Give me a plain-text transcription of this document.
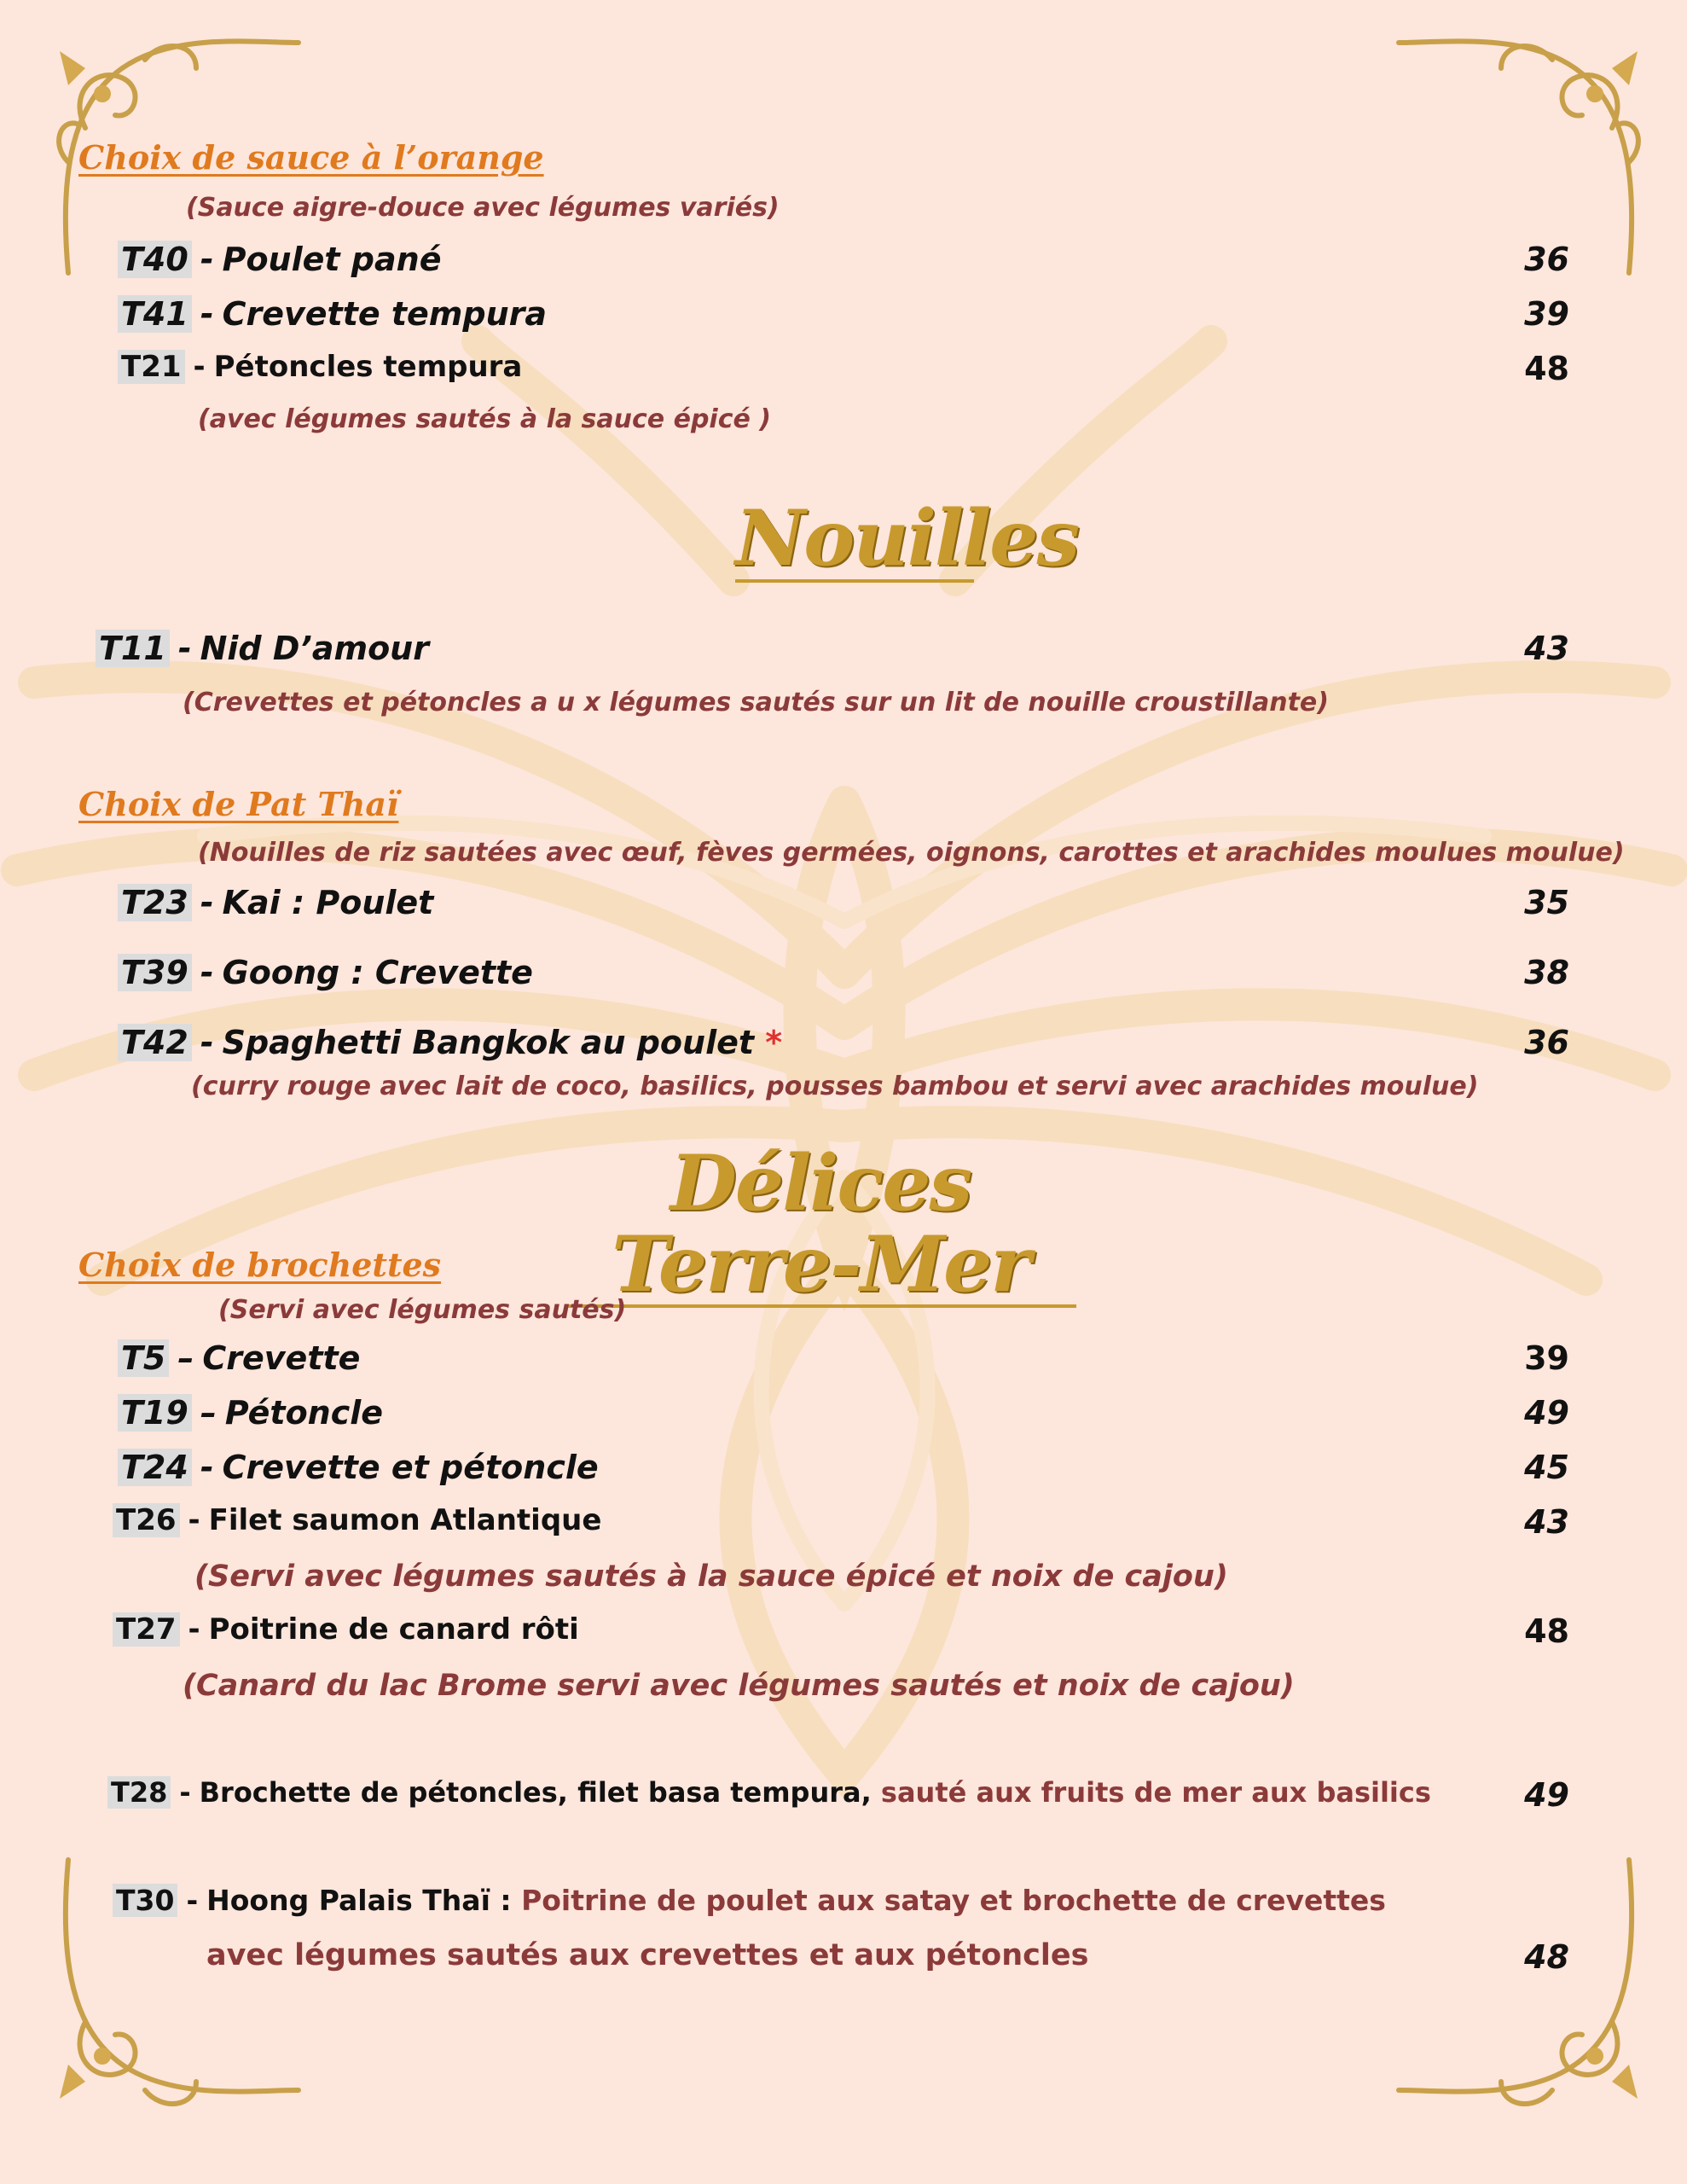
Choix de sauce à l’orange
(Sauce aigre-douce avec légumes variés)
T40 - Poulet pané	36
T41 - Crevette tempura	39
T21 - Pétoncles tempura	48
(avec légumes sautés à la sauce épicé )
Nouilles
T11 - Nid D’amour	43
(Crevettes et pétoncles a u x légumes sautés sur un lit de nouille croustillante)
Choix de Pat Thaï
(Nouilles de riz sautées avec œuf, fèves germées, oignons, carottes et arachides moulues moulue)
T23 - Kai : Poulet	35
T39 - Goong : Crevette	38
T42 - Spaghetti Bangkok au poulet *	36
(curry rouge avec lait de coco, basilics, pousses bambou et servi avec arachides moulue)
Délices Terre-Mer
Choix de brochettes
(Servi avec légumes sautés)
T5 – Crevette	39
T19 – Pétoncle	49
T24 - Crevette et pétoncle	45
T26 - Filet saumon Atlantique	43
(Servi avec légumes sautés à la sauce épicé et noix de cajou)
T27 - Poitrine de canard rôti	48
(Canard du lac Brome servi avec légumes sautés et noix de cajou)
T28 - Brochette de pétoncles, filet basa tempura, sauté aux fruits de mer aux basilics	49
T30 - Hoong Palais Thaï : Poitrine de poulet aux satay et brochette de crevettes
avec légumes sautés aux crevettes et aux pétoncles	48
